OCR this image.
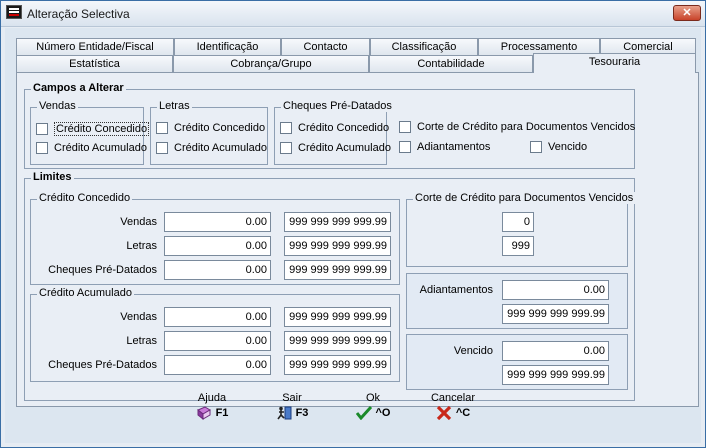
Alteração Selectiva	✕
Número Entidade/Fiscal	Identificação	Contacto	Classificação	Processamento	Comercial
Estatística	Cobrança/Grupo	Contabilidade	Tesouraria
Campos a Alterar
Vendas
Crédito Concedido
Crédito Acumulado
Letras
Crédito Concedido
Crédito Acumulado
Cheques Pré-Datados
Crédito Concedido
Crédito Acumulado
Corte de Crédito para Documentos Vencidos
Adiantamentos	Vencido
Limites
Crédito Concedido
Vendas	0.00	999 999 999 999.99
Letras	0.00	999 999 999 999.99
Cheques Pré-Datados	0.00	999 999 999 999.99
Crédito Acumulado
Vendas	0.00	999 999 999 999.99
Letras	0.00	999 999 999 999.99
Cheques Pré-Datados	0.00	999 999 999 999.99
Corte de Crédito para Documentos Vencidos
0
999
Adiantamentos	0.00
999 999 999 999.99
Vencido	0.00
999 999 999 999.99
Ajuda
F1
Sair
F3
Ok
^O
Cancelar
^C
